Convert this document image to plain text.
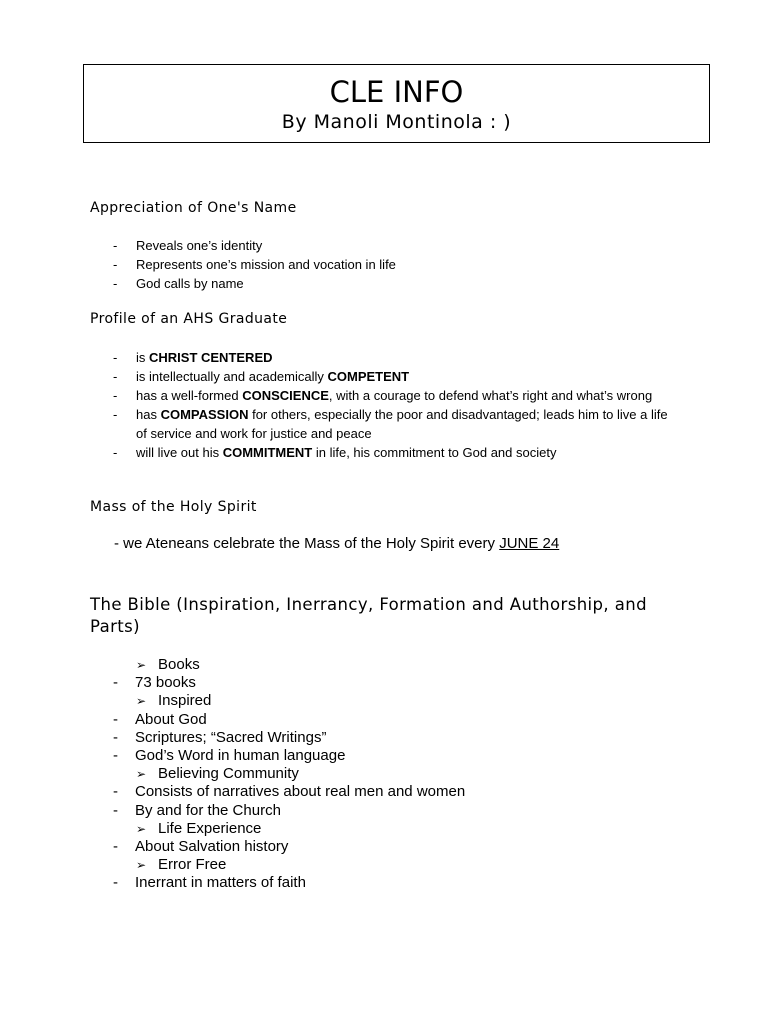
CLE INFO
By Manoli Montinola : )
Appreciation of One's Name
- Reveals one’s identity
- Represents one’s mission and vocation in life
- God calls by name
Profile of an AHS Graduate
- is CHRIST CENTERED
- is intellectually and academically COMPETENT
- has a well-formed CONSCIENCE, with a courage to defend what’s right and what’s wrong
- has COMPASSION for others, especially the poor and disadvantaged; leads him to live a life of service and work for justice and peace
- will live out his COMMITMENT in life, his commitment to God and society
Mass of the Holy Spirit
- we Ateneans celebrate the Mass of the Holy Spirit every JUNE 24
The Bible (Inspiration, Inerrancy, Formation and Authorship, and Parts)
➢ Books
- 73 books
➢ Inspired
- About God
- Scriptures; “Sacred Writings”
- God’s Word in human language
➢ Believing Community
- Consists of narratives about real men and women
- By and for the Church
➢ Life Experience
- About Salvation history
➢ Error Free
- Inerrant in matters of faith
